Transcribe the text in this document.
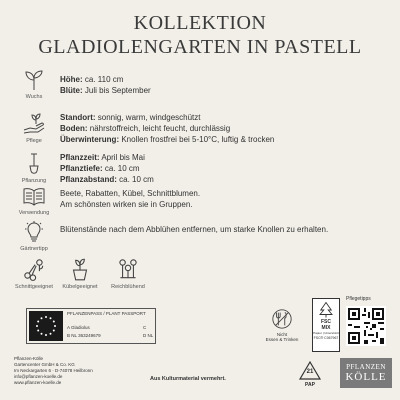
KOLLEKTION
GLADIOLENGARTEN IN PASTELL
Wuchs
Höhe: ca. 110 cm
Blüte: Juli bis September
Pflege
Standort: sonnig, warm, windgeschützt
Boden: nährstoffreich, leicht feucht, durchlässig
Überwinterung: Knollen frostfrei bei 5-10°C, luftig & trocken
Pflanzung
Pflanzzeit: April bis Mai
Pflanztiefe: ca. 10 cm
Pflanzabstand: ca. 10 cm
Verwendung
Beete, Rabatten, Kübel, Schnittblumen.
Am schönsten wirken sie in Gruppen.
Gärtnertipp
Blütenstände nach dem Abblühen entfernen, um starke Knollen zu erhalten.
Schnittgeeignet	Kübelgeeignet	Reichblühend
PFLANZENPASS / PLANT PASSPORT
A Gladiolus
B NL 363249679
C
D NL
Pflanzen-Kölle
Gartencenter GmbH & Co. KG
Im Neckargarten 6 · D-74078 Heilbronn
info@pflanzen-koelle.de
www.pflanzen-koelle.de
Aus Kulturmaterial vermehrt.
Nicht
Essen & Trinken
FSC
MIX
Papier | Unterstützt
FSC® C067967
Pflegetipps
21
PAP
PFLANZEN
KÖLLE
